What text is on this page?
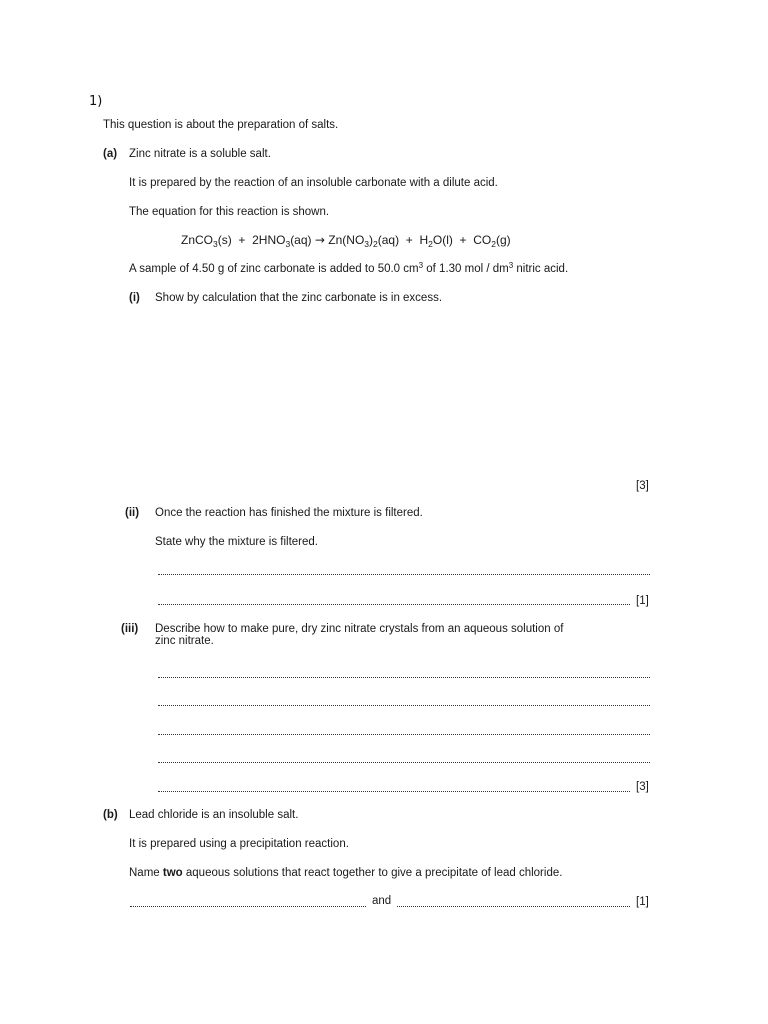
1)
This question is about the preparation of salts.
(a) Zinc nitrate is a soluble salt.
It is prepared by the reaction of an insoluble carbonate with a dilute acid.
The equation for this reaction is shown.
ZnCO$_3$(s) + $2HNO_3(aq) \to Zn(NO_3)_2(aq) + H_2O(l) + CO_2(g)$
A sample of 4.50 g of zinc carbonate is added to 50.0 $cm^3$ of 1.30 mol / $dm^3$ nitric acid.
(i) Show by calculation that the zinc carbonate is in excess.
[3]
(ii) Once the reaction has finished the mixture is filtered.
State why the mixture is filtered.
[1]
(iii) Describe how to make pure, dry zinc nitrate crystals from an aqueous solution of
zinc nitrate.
[3]
(b) Lead chloride is an insoluble salt.
It is prepared using a precipitation reaction.
Name two aqueous solutions that react together to give a precipitate of lead chloride.
and	[1]
